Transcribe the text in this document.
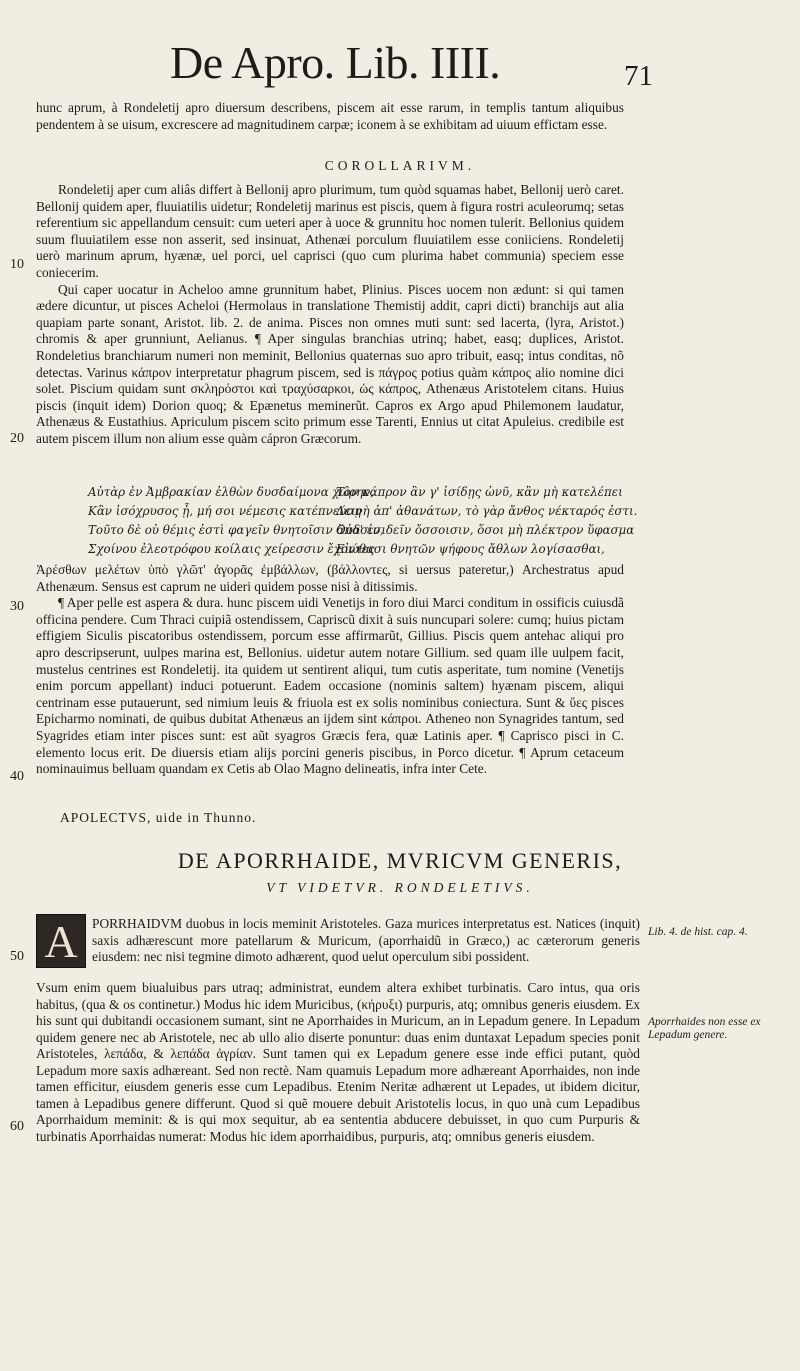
De Apro. Lib. IIII.	71

hunc aprum, à Rondeletij apro diuersum describens, piscem ait esse rarum, in templis tantum aliquibus pendentem à se uisum, excrescere ad magnitudinem carpæ; iconem à se exhibitam ad uiuum effictam esse.

COROLLARIVM.

Rondeletij aper cum aliâs differt à Bellonij apro plurimum, tum quòd squamas habet, Bellonij uerò caret. Bellonij quidem aper, fluuiatilis uidetur; Rondeletij marinus est piscis, quem à figura rostri aculeorumq; setas referentium sic appellandum censuit: cum ueteri aper à uoce & grunnitu hoc nomen tulerit. Bellonius quidem suum fluuiatilem esse non asserit, sed insinuat, Athenæi porculum fluuiatilem esse coniiciens. Rondeletij uerò marinum aprum, hyænæ, uel porci, uel caprisci (quo cum plurima habet communia) speciem esse coniecerim.

Qui caper uocatur in Acheloo amne grunnitum habet, Plinius. Pisces uocem non ædunt: si qui tamen ædere dicuntur, ut pisces Acheloi (Hermolaus in translatione Themistij addit, capri dicti) branchijs aut alia quapiam parte sonant, Aristot. lib. 2. de anima. Pisces non omnes muti sunt: sed lacerta, (lyra, Aristot.) chromis & aper grunniunt, Aelianus. ¶ Aper singulas branchias utrinq; habet, easq; duplices, Aristot. Rondeletius branchiarum numeri non meminit, Bellonius quaternas suo apro tribuit, easq; intus conditas, nõ detectas. Varinus κάπρον interpretatur phagrum piscem, sed is πάγρος potius quàm κάπρος alio nomine dici solet. Piscium quidam sunt σκληρόστοι καὶ τραχύσαρκοι, ὡς κάπρος, Athenæus Aristotelem citans. Huius piscis (inquit idem) Dorion quoq; & Epænetus meminerũt. Capros ex Argo apud Philemonem laudatur, Athenæus & Eustathius. Apriculum piscem scito primum esse Tarenti, Ennius ut citat Apuleius. credibile est autem piscem illum non alium esse quàm cápron Græcorum.

10
20
30
40
50
60
Αὐτὰρ ἐν Ἀμβρακίαν ἐλθὼν δυσδαίμονα χώρην,
Τὸν κάπρον ἂν γ' ἰσίδῃς ὠνῦ, κἂν μὴ κατελέπει
Κἂν ἰσόχρυσος ᾖ, μή σοι νέμεσις κατέπνεύσῃ
Δεινὴ ἀπ' ἀθανάτων, τὸ γὰρ ἄνθος νέκταρός ἐστι.
Τοῦτο δὲ οὐ θέμις ἐστὶ φαγεῖν θνητοῖσιν ἅπασιν,
Οὐδ' ἐσιδεῖν ὄσσοισιν, ὅσοι μὴ πλέκτρον ὕφασμα
Σχοίνου ἐλεοτρόφου κοίλαις χείρεσσιν ἔχοντες
Εἰώθασι θνητῶν ψήφους ἄθλων λογίσασθαι,

Ἀρέσθων μελέτων ὑπὸ γλῶτ' ἀγορᾶς ἐμβάλλων, (βάλλοντες, si uersus pateretur,) Archestratus apud Athenæum. Sensus est caprum ne uideri quidem posse nisi à ditissimis.

¶ Aper pelle est aspera & dura. hunc piscem uidi Venetijs in foro diui Marci conditum in ossificis cuiusdã officina pendere. Cum Thraci cuipiã ostendissem, Capriscũ dixit à suis nuncupari solere: cumq; huius pictam effigiem Siculis piscatoribus ostendissem, porcum esse affirmarũt, Gillius. Piscis quem antehac aliqui pro apro descripserunt, uulpes marina est, Bellonius. uidetur autem notare Gillium. sed quam ille uulpem facit, mustelus centrines est Rondeletij. ita quidem ut sentirent aliqui, tum cutis asperitate, tum nomine (Venetijs enim porcum appellant) induci potuerunt. Eadem occasione (nominis saltem) hyænam piscem, aliqui centrinam esse putauerunt, sed nimium leuis & friuola est ex solis nominibus coniectura. Sunt & ὕες pisces Epicharmo nominati, de quibus dubitat Athenæus an ijdem sint κάπροι. Atheneo non Synagrides tantum, sed Syagrides etiam inter pisces sunt: est aũt syagros Græcis fera, quæ Latinis aper. ¶ Caprisco pisci in C. elemento locus erit. De diuersis etiam alijs porcini generis piscibus, in Porco dicetur. ¶ Aprum cetaceum nominauimus belluam quandam ex Cetis ab Olao Magno delineatis, infra inter Cete.

APOLECTVS, uide in Thunno.
DE APORRHAIDE, MVRICVM GENERIS,
VT VIDETVR. RONDELETIVS.
A	PORRHAIDVM duobus in locis meminit Aristoteles. Gaza murices interpretatus est. Natices (inquit) saxis adhærescunt more patellarum & Muricum, (aporrhaidũ in Græco,) ac cæterorum generis eiusdem: nec nisi tegmine dimoto adhærent, quod uelut operculum sibi possident.
Vsum enim quem biualuibus pars utraq; administrat, eundem altera exhibet turbinatis. Caro intus, qua oris habitus, (qua & os continetur.) Modus hic idem Muricibus, (κήρυξι) purpuris, atq; omnibus generis eiusdem. Ex his sunt qui dubitandi occasionem sumant, sint ne Aporrhaides in Muricum, an in Lepadum genere. In Lepadum quidem genere nec ab Aristotele, nec ab ullo alio diserte ponuntur: duas enim duntaxat Lepadum species ponit Aristoteles, λεπάδα, & λεπάδα ἀγρίαν. Sunt tamen qui ex Lepadum genere esse inde effici putant, quòd Lepadum more saxis adhæreant. Sed non rectè. Nam quamuis Lepadum more adhæreant Aporrhaides, non inde tamen efficitur, eiusdem generis esse cum Lepadibus. Etenim Neritæ adhærent ut Lepades, ut ibidem dicitur, tamen à Lepadibus genere differunt. Quod si quẽ mouere debuit Aristotelis locus, in quo unà cum Lepadibus Aporrhaidum meminit: & is qui mox sequitur, ab ea sententia abducere debuisset, in quo cum Purpuris & turbinatis Aporrhaidas numerat: Modus hic idem aporrhaidibus, purpuris, atq; omnibus generis eiusdem.
Lib. 4. de hist. cap. 4.
Aporrhaides non esse ex Lepadum genere.
